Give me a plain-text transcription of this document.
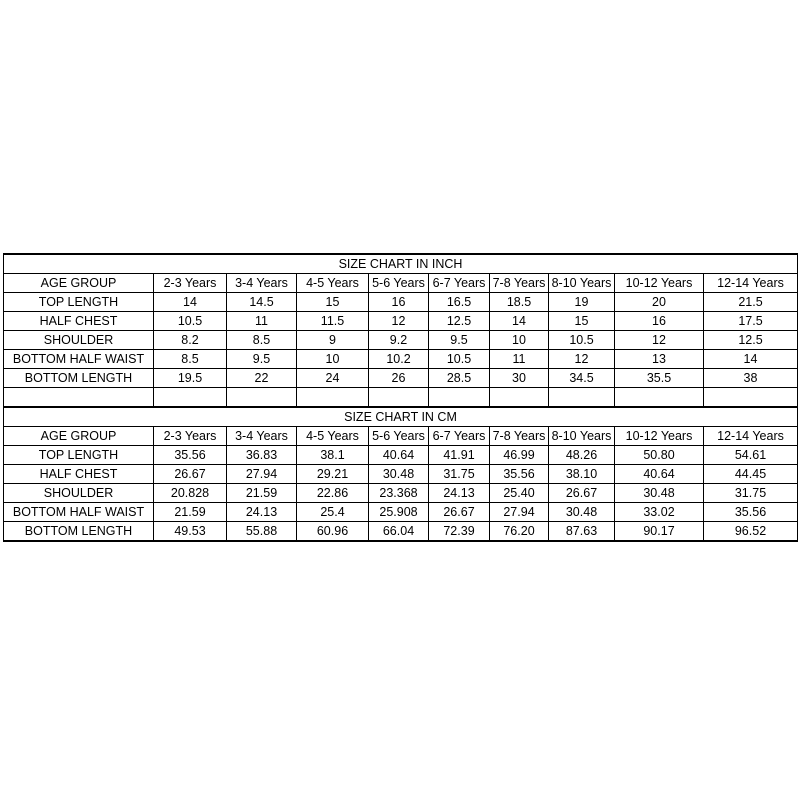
SIZE CHART IN INCH									
AGE GROUP	2-3 Years	3-4 Years	4-5 Years	5-6 Years	6-7 Years	7-8 Years	8-10 Years	10-12 Years	12-14 Years
TOP LENGTH	14	14.5	15	16	16.5	18.5	19	20	21.5
HALF CHEST	10.5	11	11.5	12	12.5	14	15	16	17.5
SHOULDER	8.2	8.5	9	9.2	9.5	10	10.5	12	12.5
BOTTOM HALF WAIST	8.5	9.5	10	10.2	10.5	11	12	13	14
BOTTOM LENGTH	19.5	22	24	26	28.5	30	34.5	35.5	38

SIZE CHART IN CM									
AGE GROUP	2-3 Years	3-4 Years	4-5 Years	5-6 Years	6-7 Years	7-8 Years	8-10 Years	10-12 Years	12-14 Years
TOP LENGTH	35.56	36.83	38.1	40.64	41.91	46.99	48.26	50.80	54.61
HALF CHEST	26.67	27.94	29.21	30.48	31.75	35.56	38.10	40.64	44.45
SHOULDER	20.828	21.59	22.86	23.368	24.13	25.40	26.67	30.48	31.75
BOTTOM HALF WAIST	21.59	24.13	25.4	25.908	26.67	27.94	30.48	33.02	35.56
BOTTOM LENGTH	49.53	55.88	60.96	66.04	72.39	76.20	87.63	90.17	96.52
